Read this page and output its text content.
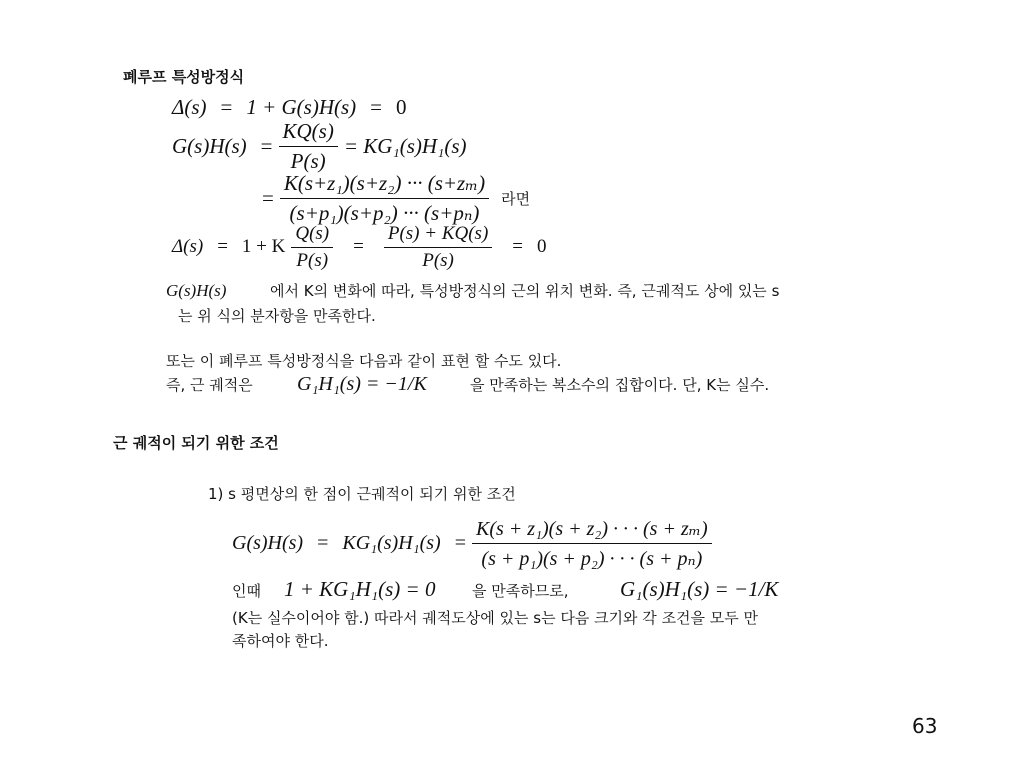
폐루프 특성방정식
Δ(s) = 1 + G(s)H(s) = 0
$G(s)H(s) = \frac{KQ(s)}{P(s)} = KG_1(s)H_1(s)$
= $\frac{\text{K(s+z₁)(s+z₂) ··· (s+zₘ)}}{\text{(s+p₁)(s+p₂) ··· (s+pₙ)}}$ 라면
Δ(s) = 1 + K $\frac{Q(s)}{P(s)} = \frac{P(s) + KQ(s)}{P(s)} = 0$
G(s)H(s)	에서 K의 변화에 따라, 특성방정식의 근의 위치 변화. 즉, 근궤적도 상에 있는 s
는 위 식의 분자항을 만족한다.
또는 이 폐루프 특성방정식을 다음과 같이 표현 할 수도 있다.
즉, 근 궤적은 G₁H₁(s) = −1/K	을 만족하는 복소수의 집합이다. 단, K는 실수.
근 궤적이 되기 위한 조건
1) s 평면상의 한 점이 근궤적이 되기 위한 조건
$G(s)H(s) = KG_1(s)H_1(s) = \frac{\text{K(s + z₁)(s + z₂) · · · (s + zₘ)}}{\text{(s + p₁)(s + p₂) · · · (s + pₙ)}}$
인때 1 + KG₁H₁(s) = 0 을 만족하므로, G₁(s)H₁(s) = −1/K
(K는 실수이어야 함.) 따라서 궤적도상에 있는 s는 다음 크기와 각 조건을 모두 만
족하여야 한다.
63
